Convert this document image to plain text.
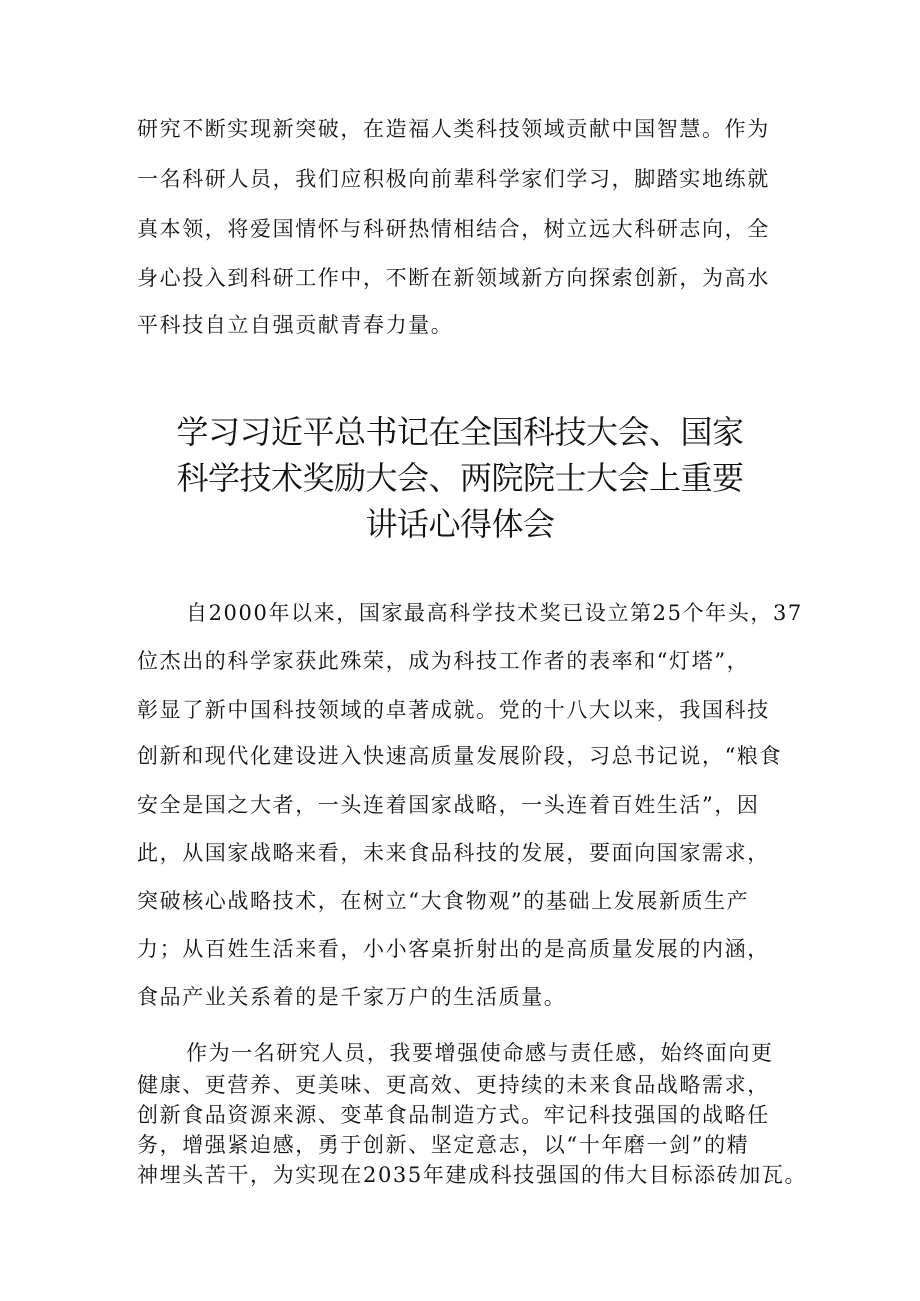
研究不断实现新突破，在造福人类科技领域贡献中国智慧。作为
一名科研人员，我们应积极向前辈科学家们学习，脚踏实地练就
真本领，将爱国情怀与科研热情相结合，树立远大科研志向，全
身心投入到科研工作中，不断在新领域新方向探索创新，为高水
平科技自立自强贡献青春力量。
学习习近平总书记在全国科技大会、国家
科学技术奖励大会、两院院士大会上重要
讲话心得体会
自2000年以来，国家最高科学技术奖已设立第25个年头，37
位杰出的科学家获此殊荣，成为科技工作者的表率和“灯塔”，
彰显了新中国科技领域的卓著成就。党的十八大以来，我国科技
创新和现代化建设进入快速高质量发展阶段，习总书记说，“粮食
安全是国之大者，一头连着国家战略，一头连着百姓生活”，因
此，从国家战略来看，未来食品科技的发展，要面向国家需求，
突破核心战略技术，在树立“大食物观”的基础上发展新质生产
力；从百姓生活来看，小小客桌折射出的是高质量发展的内涵，
食品产业关系着的是千家万户的生活质量。
作为一名研究人员，我要增强使命感与责任感，始终面向更
健康、更营养、更美味、更高效、更持续的未来食品战略需求，
创新食品资源来源、变革食品制造方式。牢记科技强国的战略任
务，增强紧迫感，勇于创新、坚定意志，以“十年磨一剑”的精
神埋头苦干，为实现在2035年建成科技强国的伟大目标添砖加瓦。
